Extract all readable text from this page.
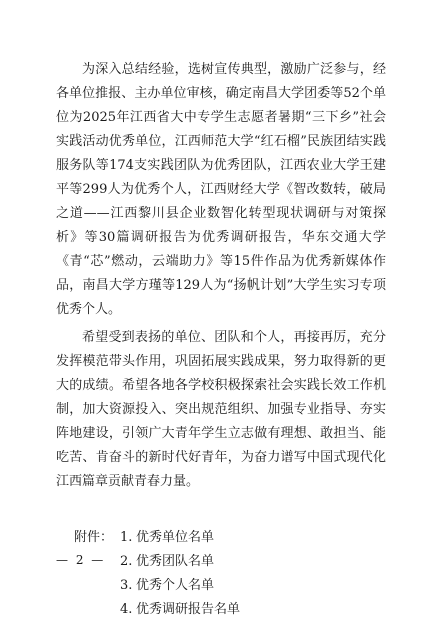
为深入总结经验，选树宣传典型，激励广泛参与，经各单位推报、主办单位审核，确定南昌大学团委等52个单位为2025年江西省大中专学生志愿者暑期“三下乡”社会实践活动优秀单位，江西师范大学“红石榴”民族团结实践服务队等174支实践团队为优秀团队，江西农业大学王建平等299人为优秀个人，江西财经大学《智改数转，破局之道——江西黎川县企业数智化转型现状调研与对策探析》等30篇调研报告为优秀调研报告，华东交通大学《青“芯”燃动，云端助力》等15件作品为优秀新媒体作品，南昌大学方瑾等129人为“扬帆计划”大学生实习专项优秀个人。

希望受到表扬的单位、团队和个人，再接再厉，充分发挥模范带头作用，巩固拓展实践成果，努力取得新的更大的成绩。希望各地各学校积极探索社会实践长效工作机制，加大资源投入、突出规范组织、加强专业指导、夯实阵地建设，引领广大青年学生立志做有理想、敢担当、能吃苦、肯奋斗的新时代好青年，为奋力谱写中国式现代化江西篇章贡献青春力量。

附件： 1. 优秀单位名单
2. 优秀团队名单
3. 优秀个人名单
4. 优秀调研报告名单
— 2 —
